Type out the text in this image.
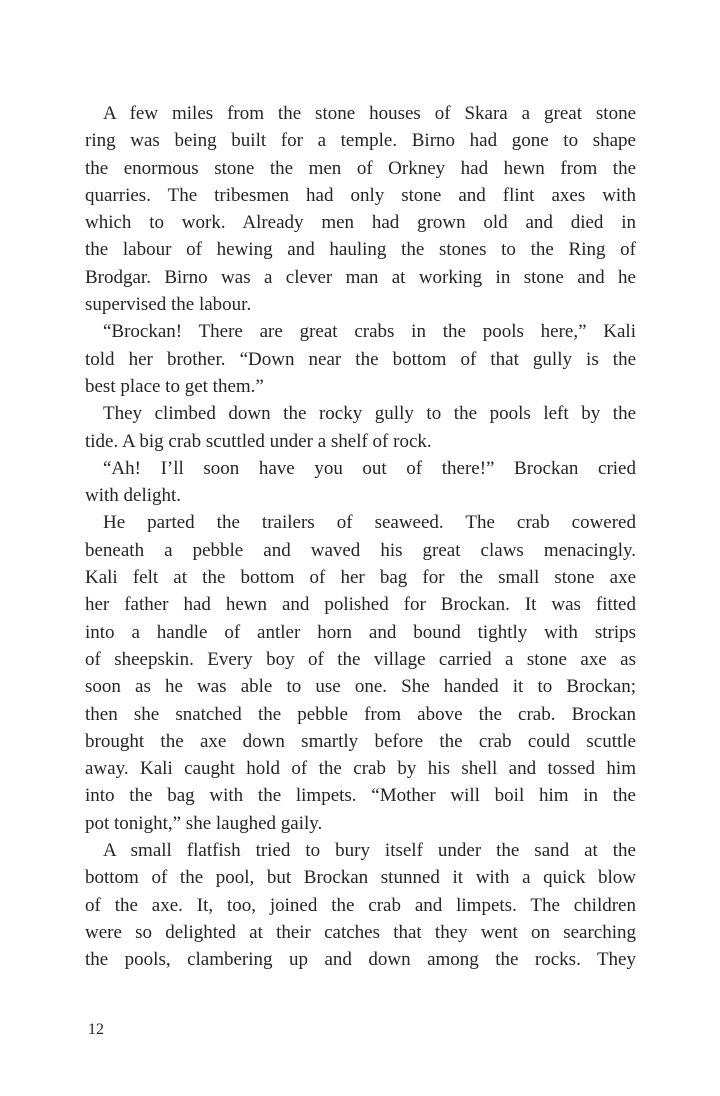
A few miles from the stone houses of Skara a great stone
ring was being built for a temple. Birno had gone to shape
the enormous stone the men of Orkney had hewn from the
quarries. The tribesmen had only stone and flint axes with
which to work. Already men had grown old and died in
the labour of hewing and hauling the stones to the Ring of
Brodgar. Birno was a clever man at working in stone and he
supervised the labour.
“Brockan! There are great crabs in the pools here,” Kali
told her brother. “Down near the bottom of that gully is the
best place to get them.”
They climbed down the rocky gully to the pools left by the
tide. A big crab scuttled under a shelf of rock.
“Ah! I’ll soon have you out of there!” Brockan cried
with delight.
He parted the trailers of seaweed. The crab cowered
beneath a pebble and waved his great claws menacingly.
Kali felt at the bottom of her bag for the small stone axe
her father had hewn and polished for Brockan. It was fitted
into a handle of antler horn and bound tightly with strips
of sheepskin. Every boy of the village carried a stone axe as
soon as he was able to use one. She handed it to Brockan;
then she snatched the pebble from above the crab. Brockan
brought the axe down smartly before the crab could scuttle
away. Kali caught hold of the crab by his shell and tossed him
into the bag with the limpets. “Mother will boil him in the
pot tonight,” she laughed gaily.
A small flatfish tried to bury itself under the sand at the
bottom of the pool, but Brockan stunned it with a quick blow
of the axe. It, too, joined the crab and limpets. The children
were so delighted at their catches that they went on searching
the pools, clambering up and down among the rocks. They
12
